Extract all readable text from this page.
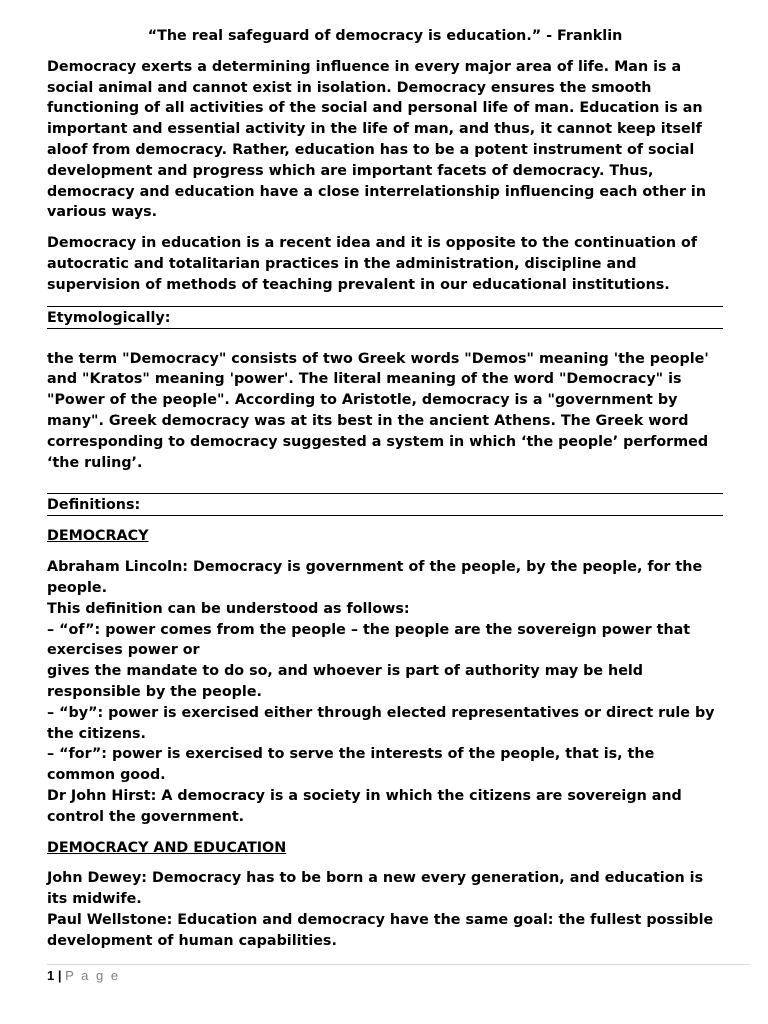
“The real safeguard of democracy is education.” - Franklin

Democracy exerts a determining influence in every major area of life. Man is a social animal and cannot exist in isolation. Democracy ensures the smooth functioning of all activities of the social and personal life of man. Education is an important and essential activity in the life of man, and thus, it cannot keep itself aloof from democracy. Rather, education has to be a potent instrument of social development and progress which are important facets of democracy. Thus, democracy and education have a close interrelationship influencing each other in various ways.

Democracy in education is a recent idea and it is opposite to the continuation of autocratic and totalitarian practices in the administration, discipline and supervision of methods of teaching prevalent in our educational institutions.

Etymologically:

the term "Democracy" consists of two Greek words "Demos" meaning 'the people' and "Kratos" meaning 'power'. The literal meaning of the word "Democracy" is "Power of the people". According to Aristotle, democracy is a "government by many". Greek democracy was at its best in the ancient Athens. The Greek word corresponding to democracy suggested a system in which ‘the people’ performed ‘the ruling’.

Definitions:

DEMOCRACY

Abraham Lincoln: Democracy is government of the people, by the people, for the people.

This definition can be understood as follows:

– “of”: power comes from the people – the people are the sovereign power that exercises power or

gives the mandate to do so, and whoever is part of authority may be held responsible by the people.

– “by”: power is exercised either through elected representatives or direct rule by the citizens.

– “for”: power is exercised to serve the interests of the people, that is, the common good.

Dr John Hirst: A democracy is a society in which the citizens are sovereign and control the government.

DEMOCRACY AND EDUCATION

John Dewey: Democracy has to be born a new every generation, and education is its midwife.

Paul Wellstone: Education and democracy have the same goal: the fullest possible development of human capabilities.

1 | P a g e
